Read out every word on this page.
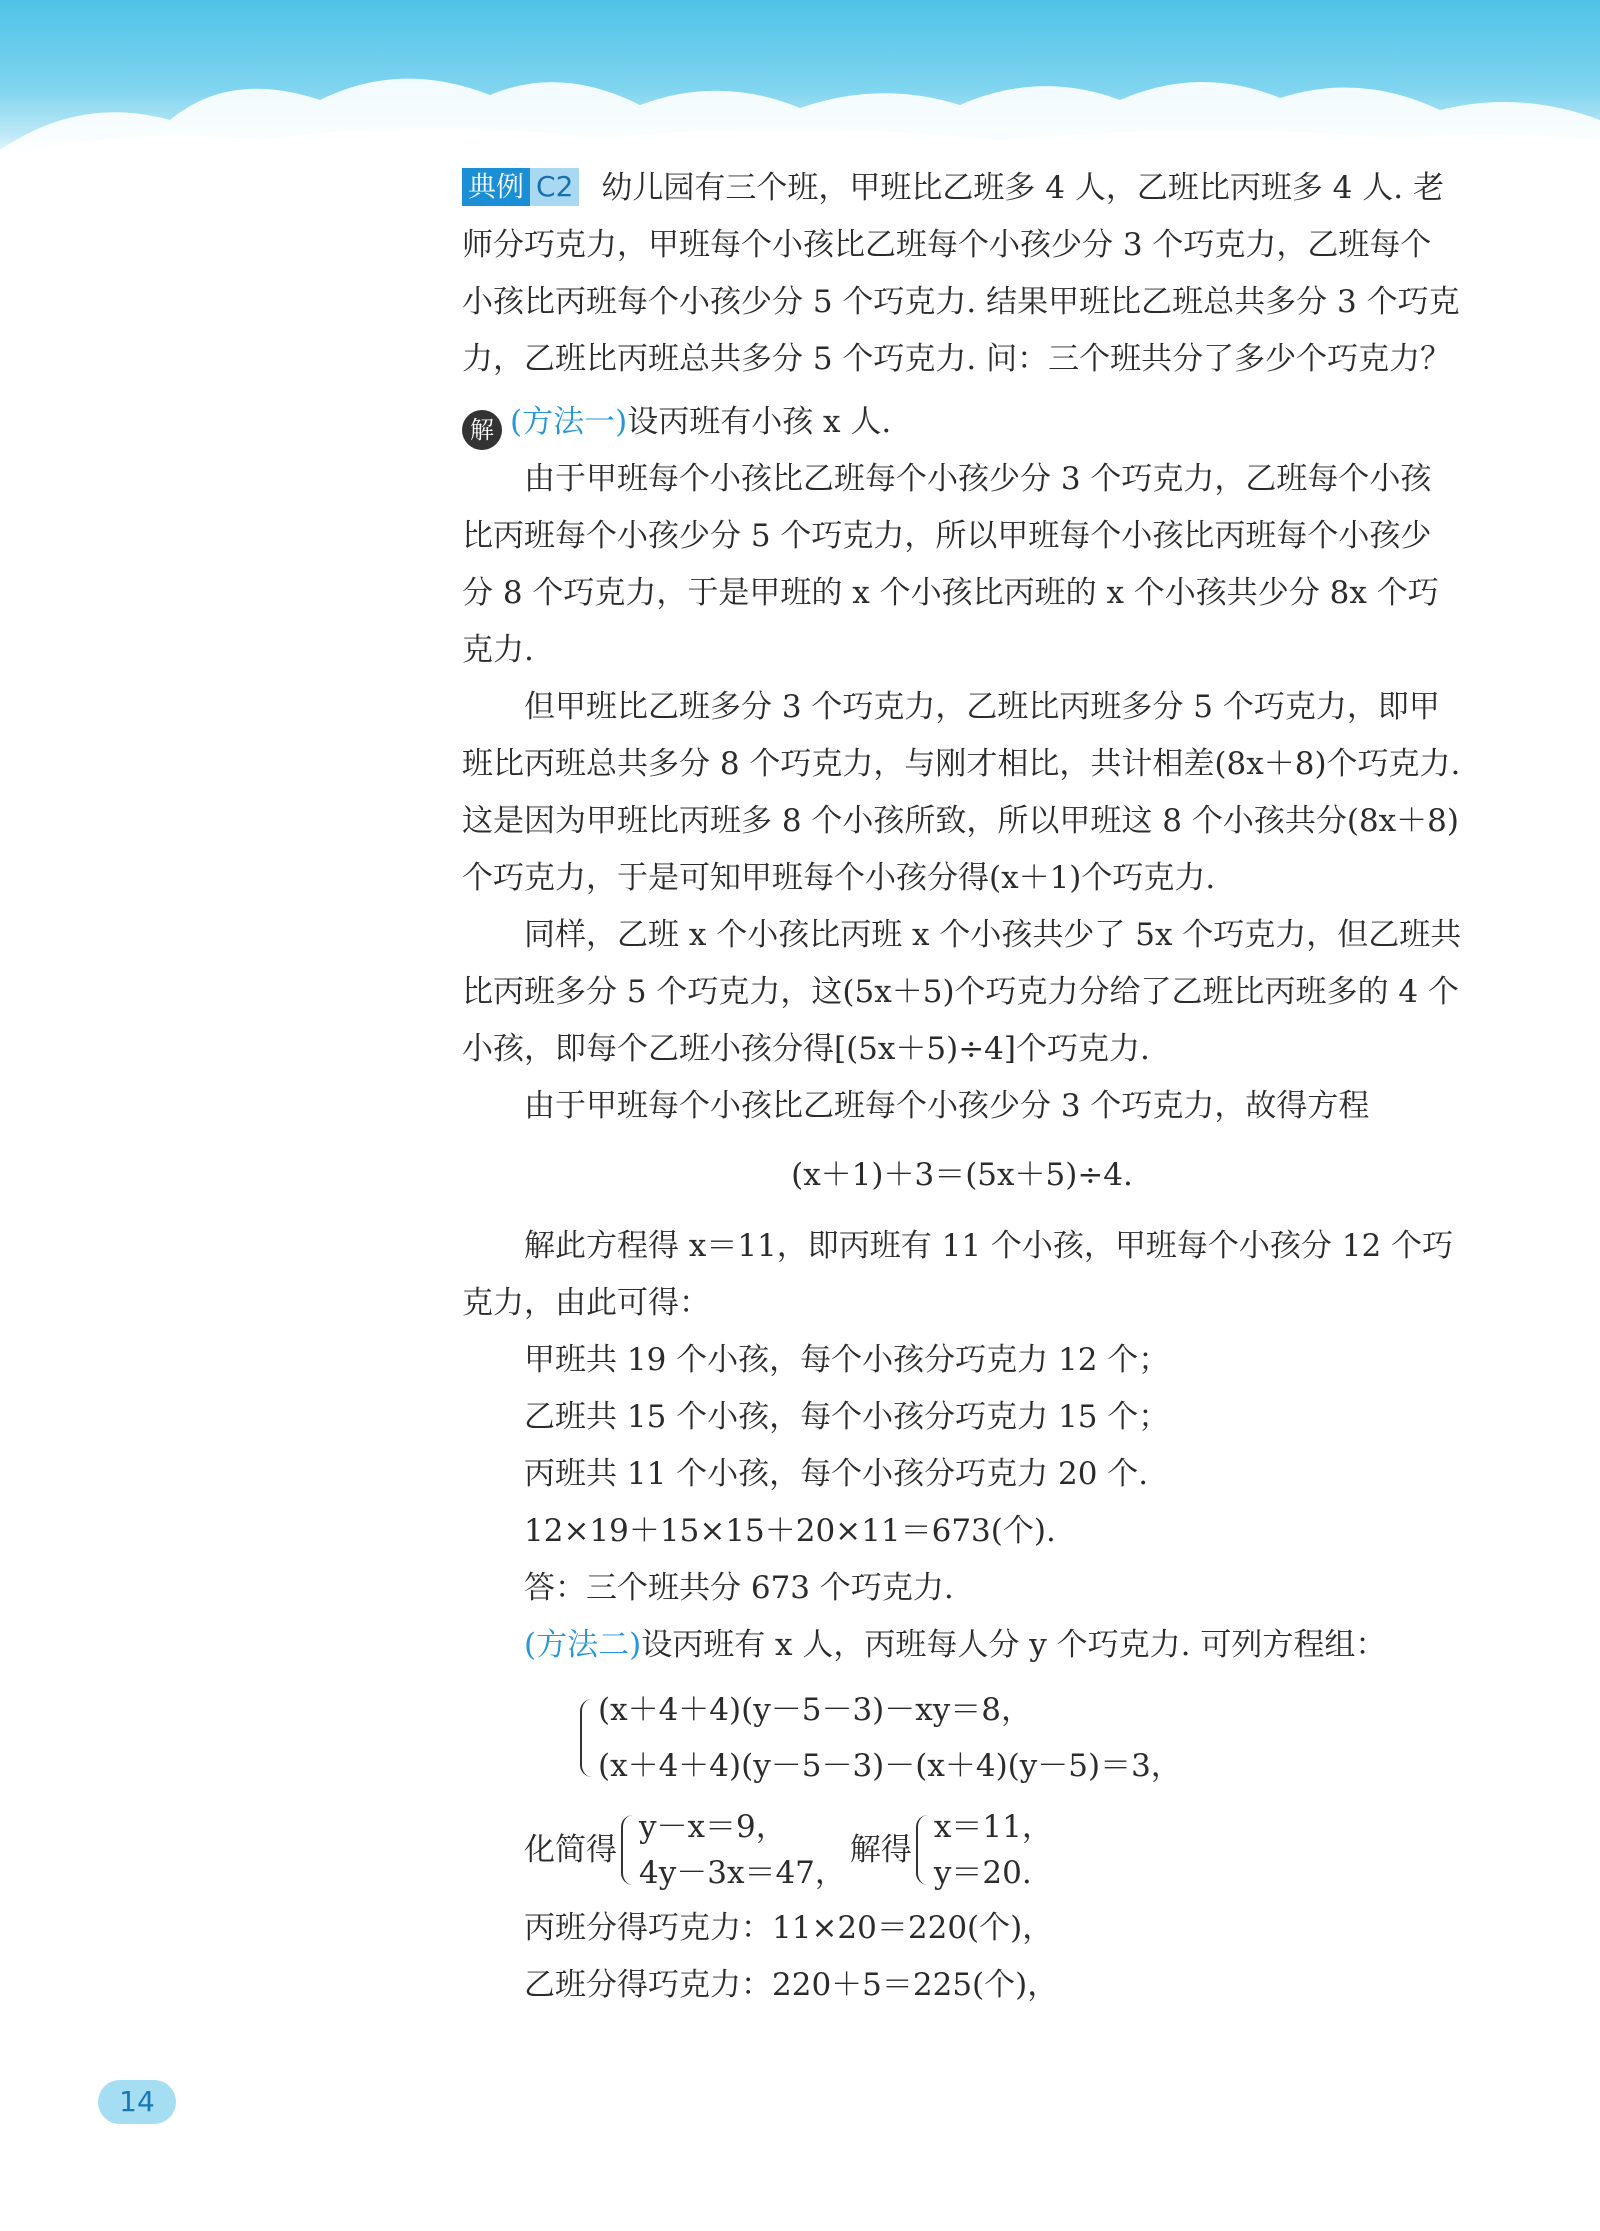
典例 C2 幼儿园有三个班，甲班比乙班多 4 人，乙班比丙班多 4 人. 老师分巧克力，甲班每个小孩比乙班每个小孩少分 3 个巧克力，乙班每个小孩比丙班每个小孩少分 5 个巧克力. 结果甲班比乙班总共多分 3 个巧克力，乙班比丙班总共多分 5 个巧克力. 问：三个班共分了多少个巧克力？

解 (方法一)设丙班有小孩 x 人.

由于甲班每个小孩比乙班每个小孩少分 3 个巧克力，乙班每个小孩比丙班每个小孩少分 5 个巧克力，所以甲班每个小孩比丙班每个小孩少分 8 个巧克力，于是甲班的 x 个小孩比丙班的 x 个小孩共少分 8x 个巧克力.

但甲班比乙班多分 3 个巧克力，乙班比丙班多分 5 个巧克力，即甲班比丙班总共多分 8 个巧克力，与刚才相比，共计相差(8x＋8)个巧克力. 这是因为甲班比丙班多 8 个小孩所致，所以甲班这 8 个小孩共分(8x＋8)个巧克力，于是可知甲班每个小孩分得(x＋1)个巧克力.

同样，乙班 x 个小孩比丙班 x 个小孩共少了 5x 个巧克力，但乙班共比丙班多分 5 个巧克力，这(5x＋5)个巧克力分给了乙班比丙班多的 4 个小孩，即每个乙班小孩分得[(5x＋5)÷4]个巧克力.

由于甲班每个小孩比乙班每个小孩少分 3 个巧克力，故得方程

(x＋1)＋3＝(5x＋5)÷4.

解此方程得 x＝11，即丙班有 11 个小孩，甲班每个小孩分 12 个巧克力，由此可得：

甲班共 19 个小孩，每个小孩分巧克力 12 个；

乙班共 15 个小孩，每个小孩分巧克力 15 个；

丙班共 11 个小孩，每个小孩分巧克力 20 个.

12×19＋15×15＋20×11＝673(个).

答：三个班共分 673 个巧克力.

(方法二)设丙班有 x 人，丙班每人分 y 个巧克力. 可列方程组：

(x＋4＋4)(y－5－3)－xy＝8，
(x＋4＋4)(y－5－3)－(x＋4)(y－5)＝3，
化简得
y－x＝9，
4y－3x＝47，
解得
x＝11，
y＝20.

丙班分得巧克力：11×20＝220(个)，

乙班分得巧克力：220＋5＝225(个)，

14
